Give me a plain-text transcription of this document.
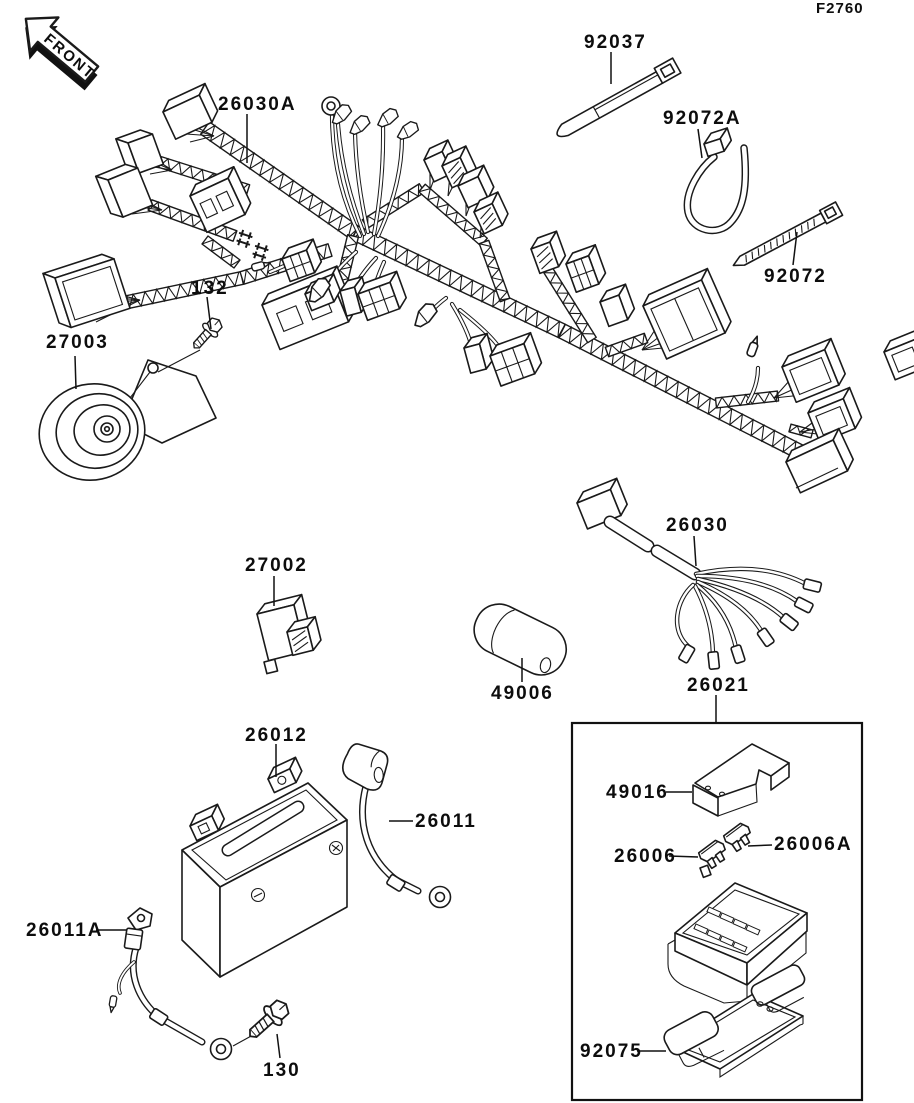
FRONT
F2760
92037
26030A
92072A
92072
132
27003
26030
27002
49006	26021
26012
26011
26011A
49016
26006
26006A
92075
130
